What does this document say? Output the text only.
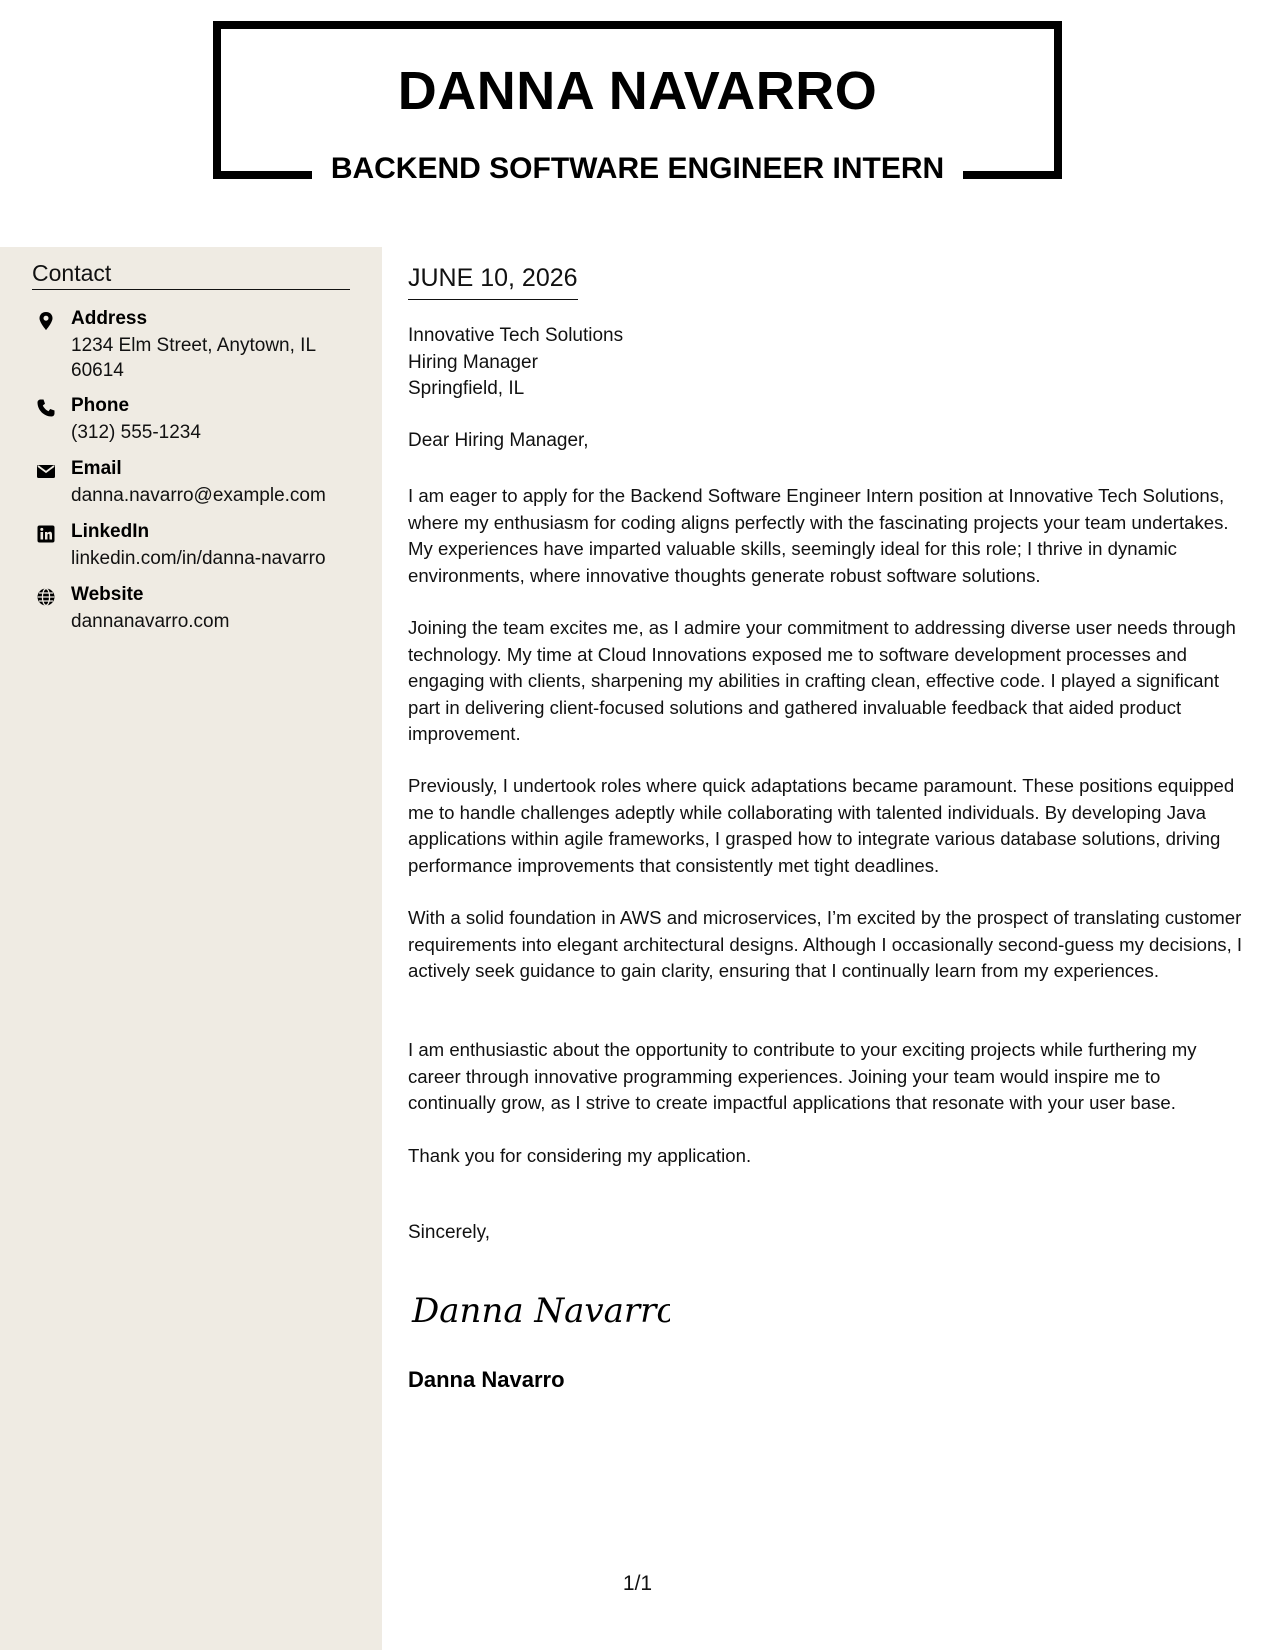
DANNA NAVARRO
BACKEND SOFTWARE ENGINEER INTERN
Contact
Address
1234 Elm Street, Anytown, IL 60614
Phone
(312) 555-1234
Email
danna.navarro@example.com
LinkedIn
linkedin.com/in/danna-navarro
Website
dannanavarro.com
JUNE 10, 2026
Innovative Tech Solutions
Hiring Manager
Springfield, IL
Dear Hiring Manager,

I am eager to apply for the Backend Software Engineer Intern position at Innovative Tech Solutions, where my enthusiasm for coding aligns perfectly with the fascinating projects your team undertakes. My experiences have imparted valuable skills, seemingly ideal for this role; I thrive in dynamic environments, where innovative thoughts generate robust software solutions.

Joining the team excites me, as I admire your commitment to addressing diverse user needs through technology. My time at Cloud Innovations exposed me to software development processes and engaging with clients, sharpening my abilities in crafting clean, effective code. I played a significant part in delivering client-focused solutions and gathered invaluable feedback that aided product improvement.

Previously, I undertook roles where quick adaptations became paramount. These positions equipped me to handle challenges adeptly while collaborating with talented individuals. By developing Java applications within agile frameworks, I grasped how to integrate various database solutions, driving performance improvements that consistently met tight deadlines.

With a solid foundation in AWS and microservices, I’m excited by the prospect of translating customer requirements into elegant architectural designs. Although I occasionally second-guess my decisions, I actively seek guidance to gain clarity, ensuring that I continually learn from my experiences.

I am enthusiastic about the opportunity to contribute to your exciting projects while furthering my career through innovative programming experiences. Joining your team would inspire me to continually grow, as I strive to create impactful applications that resonate with your user base.

Thank you for considering my application.

Sincerely,
Danna Navarro
Danna Navarro
1/1
